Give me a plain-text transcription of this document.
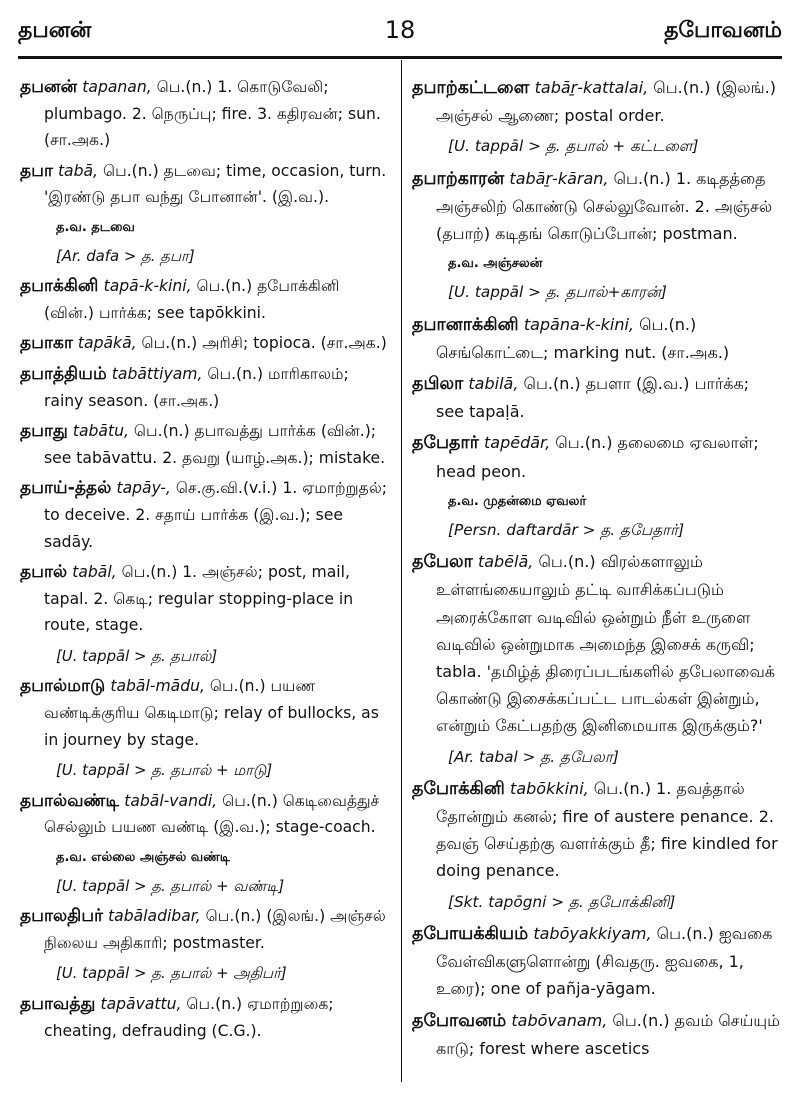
தபனன்	18	தபோவனம்
தபனன் tapanan, பெ.(n.) 1. கொடுவேலி; plumbago. 2. நெருப்பு; fire. 3. கதிரவன்; sun. (சா.அக.)
தபா tabā, பெ.(n.) தடவை; time, occasion, turn. 'இரண்டு தபா வந்து போனான்'. (இ.வ.).
த.வ. தடவை
[Ar. dafa > த. தபா]
தபாக்கினி tapā-k-kini, பெ.(n.) தபோக்கினி (வின்.) பார்க்க; see tapōkkini.
தபாகா tapākā, பெ.(n.) அரிசி; topioca. (சா.அக.)
தபாத்தியம் tabāttiyam, பெ.(n.) மாரிகாலம்; rainy season. (சா.அக.)
தபாது tabātu, பெ.(n.) தபாவத்து பார்க்க (வின்.); see tabāvattu. 2. தவறு (யாழ்.அக.); mistake.
தபாய்-த்தல் tapāy-, செ.கு.வி.(v.i.) 1. ஏமாற்றுதல்; to deceive. 2. சதாய் பார்க்க (இ.வ.); see sadāy.
தபால் tabāl, பெ.(n.) 1. அஞ்சல்; post, mail, tapal. 2. கெடி; regular stopping-place in route, stage.
[U. tappāl > த. தபால்]
தபால்மாடு tabāl-mādu, பெ.(n.) பயண வண்டிக்குரிய கெடிமாடு; relay of bullocks, as in journey by stage.
[U. tappāl > த. தபால் + மாடு]
தபால்வண்டி tabāl-vandi, பெ.(n.) கெடிவைத்துச் செல்லும் பயண வண்டி (இ.வ.); stage-coach.
த.வ. எல்லை அஞ்சல் வண்டி
[U. tappāl > த. தபால் + வண்டி]
தபாலதிபர் tabāladibar, பெ.(n.) (இலங்.) அஞ்சல் நிலைய அதிகாரி; postmaster.
[U. tappāl > த. தபால் + அதிபர்]
தபாவத்து tapāvattu, பெ.(n.) ஏமாற்றுகை; cheating, defrauding (C.G.).
தபாற்கட்டளை tabāṟ-kattalai, பெ.(n.) (இலங்.) அஞ்சல் ஆணை; postal order.
[U. tappāl > த. தபால் + கட்டளை]
தபாற்காரன் tabāṟ-kāran, பெ.(n.) 1. கடிதத்தை அஞ்சலிற் கொண்டு செல்லுவோன். 2. அஞ்சல் (தபாற்) கடிதங் கொடுப்போன்; postman.
த.வ. அஞ்சலன்
[U. tappāl > த. தபால்+காரன்]
தபானாக்கினி tapāna-k-kini, பெ.(n.) செங்கொட்டை; marking nut. (சா.அக.)
தபிலா tabilā, பெ.(n.) தபளா (இ.வ.) பார்க்க; see tapaḷā.
தபேதார் tapēdār, பெ.(n.) தலைமை ஏவலாள்; head peon.
த.வ. முதன்மை ஏவலர்
[Persn. daftardār > த. தபேதார்]
தபேலா tabēlā, பெ.(n.) விரல்களாலும் உள்ளங்கையாலும் தட்டி வாசிக்கப்படும் அரைக்கோள வடிவில் ஒன்றும் நீள் உருளை வடிவில் ஒன்றுமாக அமைந்த இசைக் கருவி; tabla. 'தமிழ்த் திரைப்படங்களில் தபேலாவைக் கொண்டு இசைக்கப்பட்ட பாடல்கள் இன்றும், என்றும் கேட்பதற்கு இனிமையாக இருக்கும்?'
[Ar. tabal > த. தபேலா]
தபோக்கினி tabōkkini, பெ.(n.) 1. தவத்தால் தோன்றும் கனல்; fire of austere penance. 2. தவஞ் செய்தற்கு வளர்க்கும் தீ; fire kindled for doing penance.
[Skt. tapōgni > த. தபோக்கினி]
தபோயக்கியம் tabōyakkiyam, பெ.(n.) ஐவகை வேள்விகளுளொன்று (சிவதரு. ஐவகை, 1, உரை); one of pañja-yāgam.
தபோவனம் tabōvanam, பெ.(n.) தவம் செய்யும் காடு; forest where ascetics
